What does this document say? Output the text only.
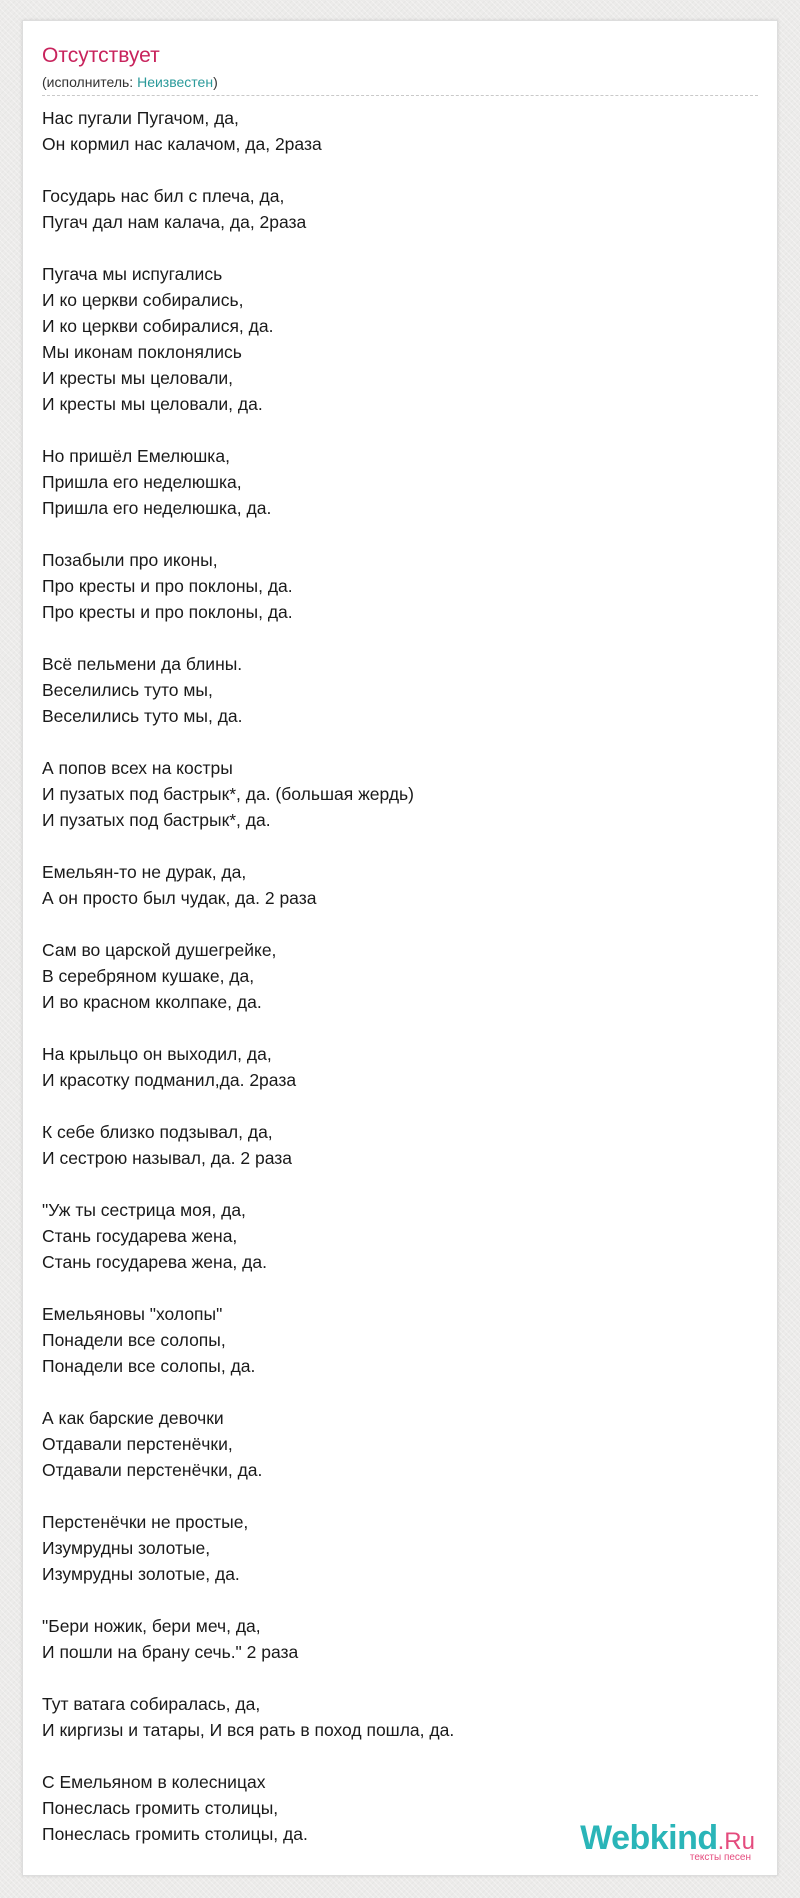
Отсутствует
(исполнитель: Неизвестен)
Нас пугали Пугачом, да,
Он кормил нас калачом, да, 2раза
Государь нас бил с плеча, да,
Пугач дал нам калача, да, 2раза
Пугача мы испугались
И ко церкви собирались,
И ко церкви собиралися, да.
Мы иконам поклонялись
И кресты мы целовали,
И кресты мы целовали, да.
Но пришёл Емелюшка,
Пришла его неделюшка,
Пришла его неделюшка, да.
Позабыли про иконы,
Про кресты и про поклоны, да.
Про кресты и про поклоны, да.
Всё пельмени да блины.
Веселились туто мы,
Веселились туто мы, да.
А попов всех на костры
И пузатых под бастрык*, да. (большая жердь)
И пузатых под бастрык*, да.
Емельян-то не дурак, да,
А он просто был чудак, да. 2 раза
Сам во царской душегрейке,
В серебряном кушаке, да,
И во красном кколпаке, да.
На крыльцо он выходил, да,
И красотку подманил,да. 2раза
К себе близко подзывал, да,
И сестрою называл, да. 2 раза
"Уж ты сестрица моя, да,
Стань государева жена,
Стань государева жена, да.
Емельяновы "холопы"
Понадели все солопы,
Понадели все солопы, да.
А как барские девочки
Отдавали перстенёчки,
Отдавали перстенёчки, да.
Перстенёчки не простые,
Изумрудны золотые,
Изумрудны золотые, да.
"Бери ножик, бери меч, да,
И пошли на брану сечь." 2 раза
Тут ватага собиралась, да,
И киргизы и татары, И вся рать в поход пошла, да.
С Емельяном в колесницах
Понеслась громить столицы,
Понеслась громить столицы, да.	Webkind.Ru
тексты песен
